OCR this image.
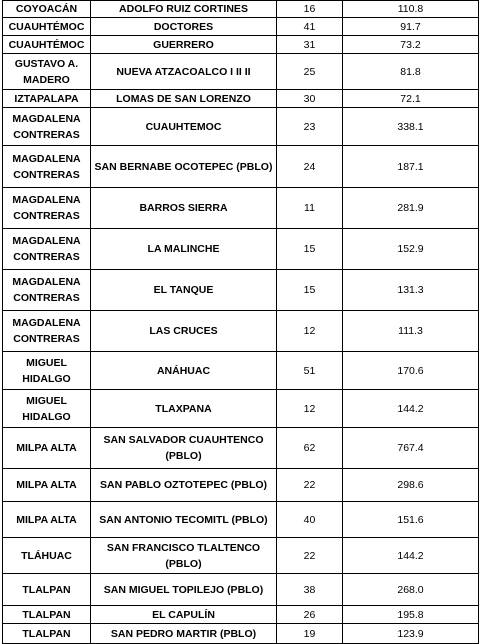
COYOACÁN	ADOLFO RUIZ CORTINES	16	110.8
CUAUHTÉMOC	DOCTORES	41	91.7
CUAUHTÉMOC	GUERRERO	31	73.2
GUSTAVO A. MADERO	NUEVA ATZACOALCO I II II	25	81.8
IZTAPALAPA	LOMAS DE SAN LORENZO	30	72.1
MAGDALENA CONTRERAS	CUAUHTEMOC	23	338.1
MAGDALENA CONTRERAS	SAN BERNABE OCOTEPEC (PBLO)	24	187.1
MAGDALENA CONTRERAS	BARROS SIERRA	11	281.9
MAGDALENA CONTRERAS	LA MALINCHE	15	152.9
MAGDALENA CONTRERAS	EL TANQUE	15	131.3
MAGDALENA CONTRERAS	LAS CRUCES	12	111.3
MIGUEL HIDALGO	ANÁHUAC	51	170.6
MIGUEL HIDALGO	TLAXPANA	12	144.2
MILPA ALTA	SAN SALVADOR CUAUHTENCO (PBLO)	62	767.4
MILPA ALTA	SAN PABLO OZTOTEPEC (PBLO)	22	298.6
MILPA ALTA	SAN ANTONIO TECOMITL (PBLO)	40	151.6
TLÁHUAC	SAN FRANCISCO TLALTENCO (PBLO)	22	144.2
TLALPAN	SAN MIGUEL TOPILEJO (PBLO)	38	268.0
TLALPAN	EL CAPULÍN	26	195.8
TLALPAN	SAN PEDRO MARTIR (PBLO)	19	123.9
